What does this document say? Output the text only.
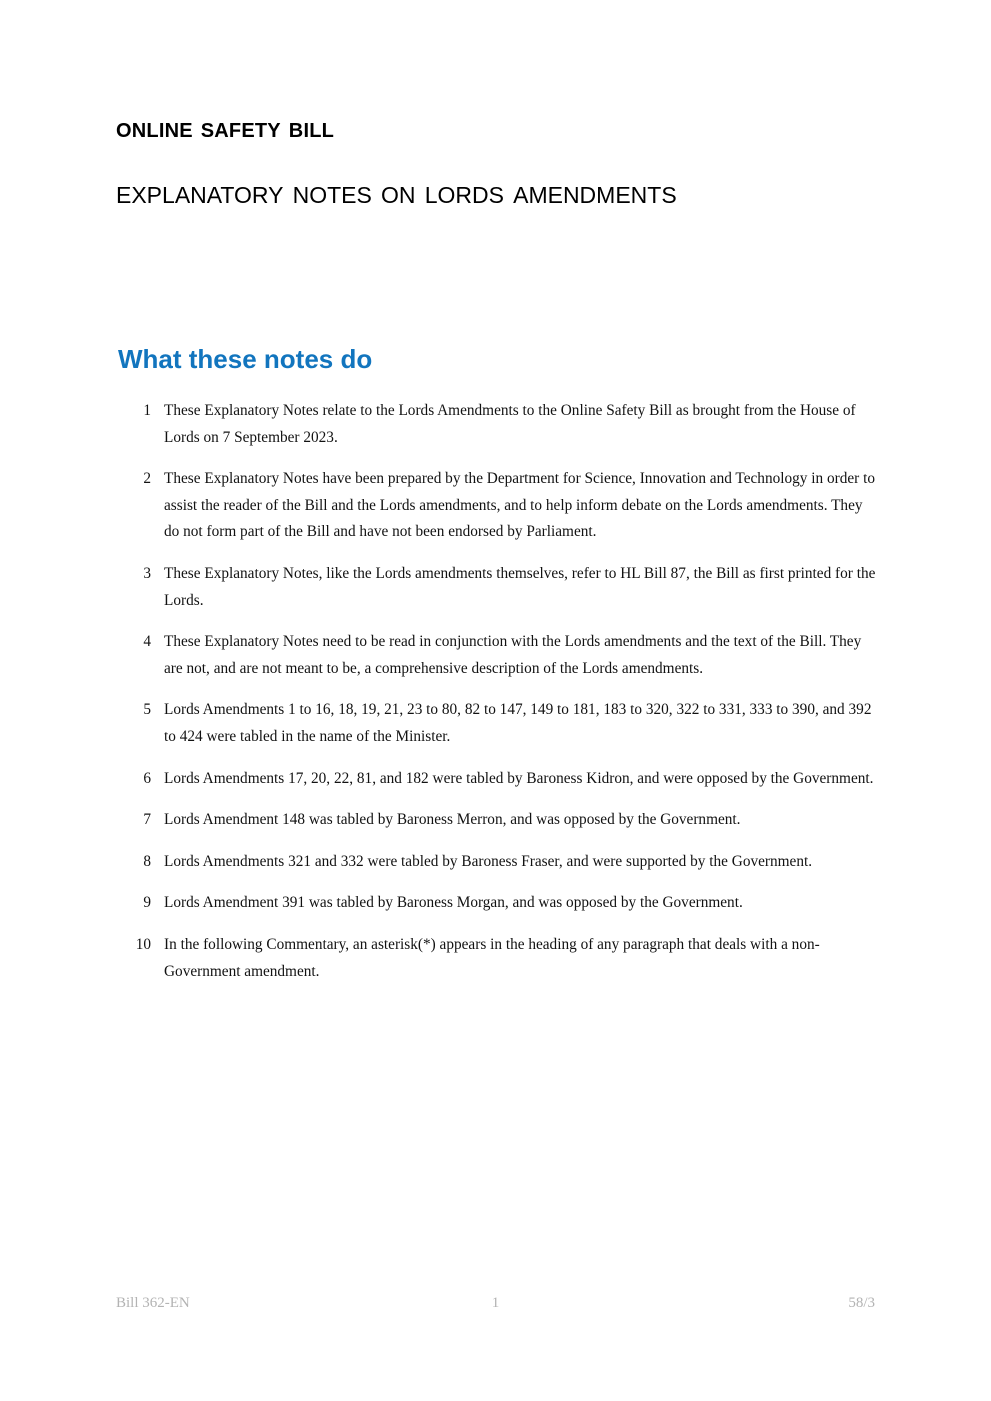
online safety bill
explanatory notes on lords amendments
What these notes do
1 These Explanatory Notes relate to the Lords Amendments to the Online Safety Bill as brought from the House of Lords on 7 September 2023.
2 These Explanatory Notes have been prepared by the Department for Science, Innovation and Technology in order to assist the reader of the Bill and the Lords amendments, and to help inform debate on the Lords amendments. They do not form part of the Bill and have not been endorsed by Parliament.
3 These Explanatory Notes, like the Lords amendments themselves, refer to HL Bill 87, the Bill as first printed for the Lords.
4 These Explanatory Notes need to be read in conjunction with the Lords amendments and the text of the Bill. They are not, and are not meant to be, a comprehensive description of the Lords amendments.
5 Lords Amendments 1 to 16, 18, 19, 21, 23 to 80, 82 to 147, 149 to 181, 183 to 320, 322 to 331, 333 to 390, and 392 to 424 were tabled in the name of the Minister.
6 Lords Amendments 17, 20, 22, 81, and 182 were tabled by Baroness Kidron, and were opposed by the Government.
7 Lords Amendment 148 was tabled by Baroness Merron, and was opposed by the Government.
8 Lords Amendments 321 and 332 were tabled by Baroness Fraser, and were supported by the Government.
9 Lords Amendment 391 was tabled by Baroness Morgan, and was opposed by the Government.
10 In the following Commentary, an asterisk(*) appears in the heading of any paragraph that deals with a non-Government amendment.
Bill 362-EN	1	58/3
